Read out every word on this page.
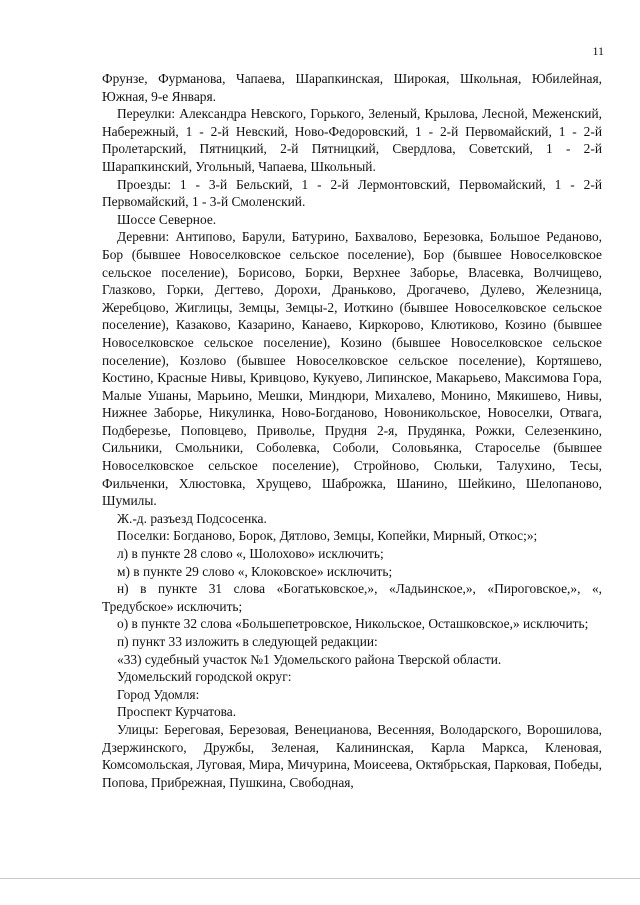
11

Фрунзе, Фурманова, Чапаева, Шарапкинская, Широкая, Школьная, Юбилейная, Южная, 9-е Января.

Переулки: Александра Невского, Горького, Зеленый, Крылова, Лесной, Меженский, Набережный, 1 - 2-й Невский, Ново-Федоровский, 1 - 2-й Первомайский, 1 - 2-й Пролетарский, Пятницкий, 2-й Пятницкий, Свердлова, Советский, 1 - 2-й Шарапкинский, Угольный, Чапаева, Школьный.

Проезды: 1 - 3-й Бельский, 1 - 2-й Лермонтовский, Первомайский, 1 - 2-й Первомайский, 1 - 3-й Смоленский.

Шоссе Северное.

Деревни: Антипово, Барули, Батурино, Бахвалово, Березовка, Большое Реданово, Бор (бывшее Новоселковское сельское поселение), Бор (бывшее Новоселковское сельское поселение), Борисово, Борки, Верхнее Заборье, Власевка, Волчищево, Глазково, Горки, Дегтево, Дорохи, Драньково, Дрогачево, Дулево, Железница, Жеребцово, Жиглицы, Земцы, Земцы-2, Иоткино (бывшее Новоселковское сельское поселение), Казаково, Казарино, Канаево, Киркорово, Клютиково, Козино (бывшее Новоселковское сельское поселение), Козино (бывшее Новоселковское сельское поселение), Козлово (бывшее Новоселковское сельское поселение), Кортяшево, Костино, Красные Нивы, Кривцово, Кукуево, Липинское, Макарьево, Максимова Гора, Малые Ушаны, Марьино, Мешки, Миндюри, Михалево, Монино, Мякишево, Нивы, Нижнее Заборье, Никулинка, Ново-Богданово, Новоникольское, Новоселки, Отвага, Подберезье, Поповцево, Приволье, Прудня 2-я, Прудянка, Рожки, Селезенкино, Сильники, Смольники, Соболевка, Соболи, Соловьянка, Староселье (бывшее Новоселковское сельское поселение), Стройново, Сюльки, Талухино, Тесы, Фильченки, Хлюстовка, Хрущево, Шаброжка, Шанино, Шейкино, Шелопаново, Шумилы.

Ж.-д. разъезд Подсосенка.

Поселки: Богданово, Борок, Дятлово, Земцы, Копейки, Мирный, Откос;»;

л) в пункте 28 слово «, Шолохово» исключить;

м) в пункте 29 слово «, Клоковское» исключить;

н) в пункте 31 слова «Богатьковское,», «Ладьинское,», «Пироговское,», «, Тредубское» исключить;

о) в пункте 32 слова «Большепетровское, Никольское, Осташковское,» исключить;

п) пункт 33 изложить в следующей редакции:

«33) судебный участок №1 Удомельского района Тверской области.

Удомельский городской округ:

Город Удомля:

Проспект Курчатова.

Улицы: Береговая, Березовая, Венецианова, Весенняя, Володарского, Ворошилова, Дзержинского, Дружбы, Зеленая, Калининская, Карла Маркса, Кленовая, Комсомольская, Луговая, Мира, Мичурина, Моисеева, Октябрьская, Парковая, Победы, Попова, Прибрежная, Пушкина, Свободная,
